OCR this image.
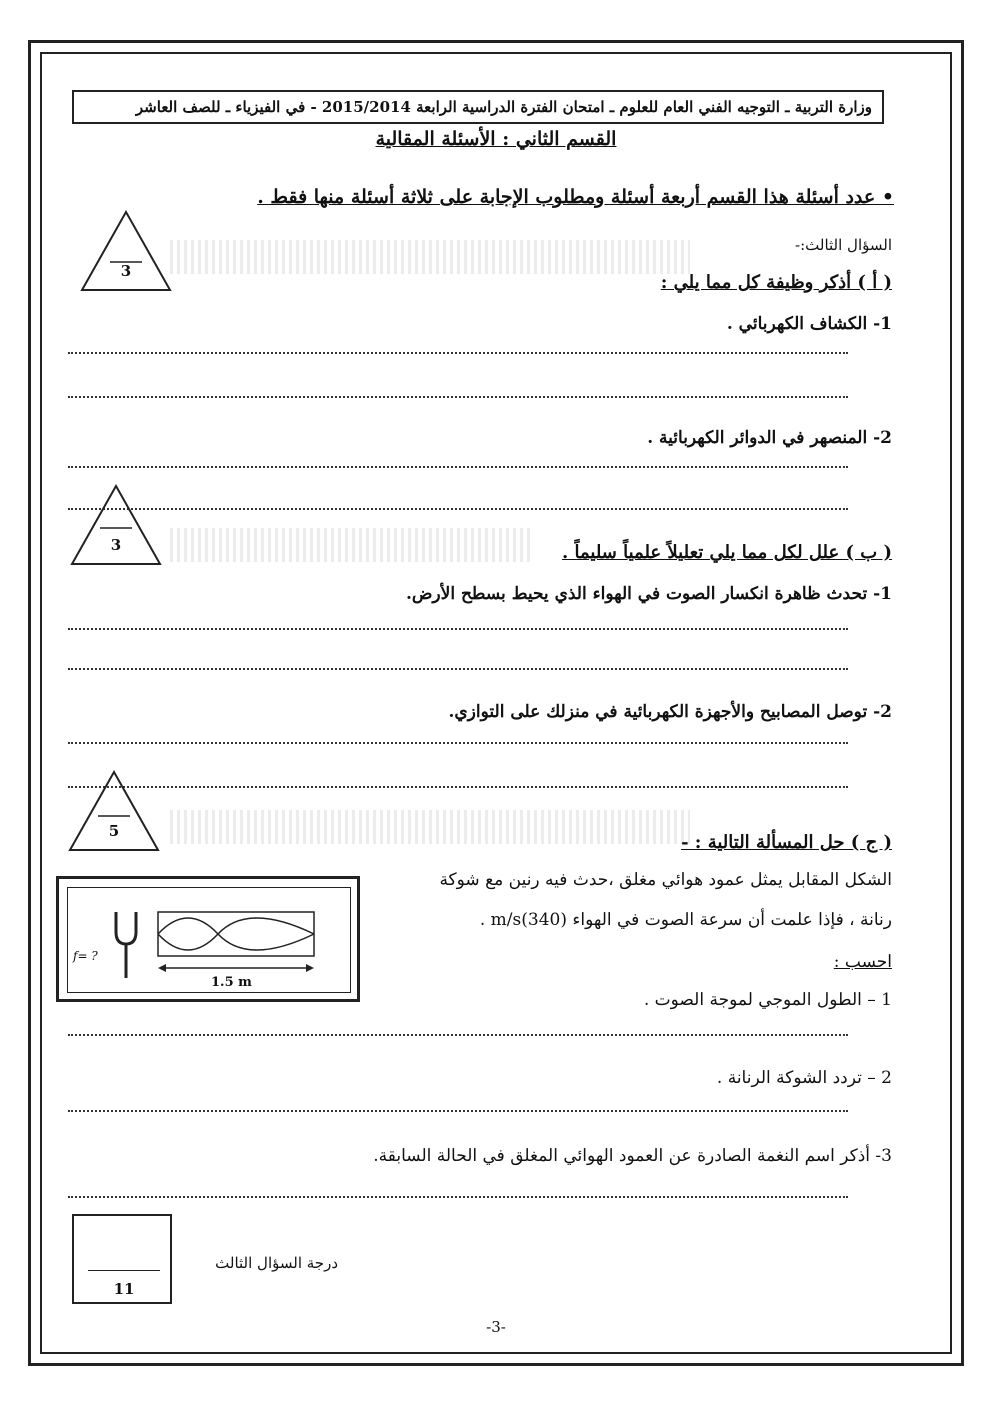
وزارة التربية ـ التوجيه الفني العام للعلوم ـ امتحان الفترة الدراسية الرابعة 2015/2014 - في الفيزياء ـ للصف العاشر
القسم الثاني : الأسئلة المقالية
• عدد أسئلة هذا القسم أربعة أسئلة ومطلوب الإجابة على ثلاثة أسئلة منها فقط .
السؤال الثالث:-
3
( أ ) أذكر وظيفة كل مما يلي :
1- الكشاف الكهربائي .
2- المنصهر في الدوائر الكهربائية .
3	( ب ) علل لكل مما يلي تعليلاً علمياً سليماً .
1- تحدث ظاهرة انكسار الصوت في الهواء الذي يحيط بسطح الأرض.
2- توصل المصابيح والأجهزة الكهربائية في منزلك على التوازي.
5
( ج ) حل المسألة التالية : -
الشكل المقابل يمثل عمود هوائي مغلق ،حدث فيه رنين مع شوكة
رنانة ، فإذا علمت أن سرعة الصوت في الهواء (340)m/s .
احسب :
f= ?
1.5 m
1 – الطول الموجي لموجة الصوت .
2 – تردد الشوكة الرنانة .
3- أذكر اسم النغمة الصادرة عن العمود الهوائي المغلق في الحالة السابقة.
11
درجة السؤال الثالث
-3-
